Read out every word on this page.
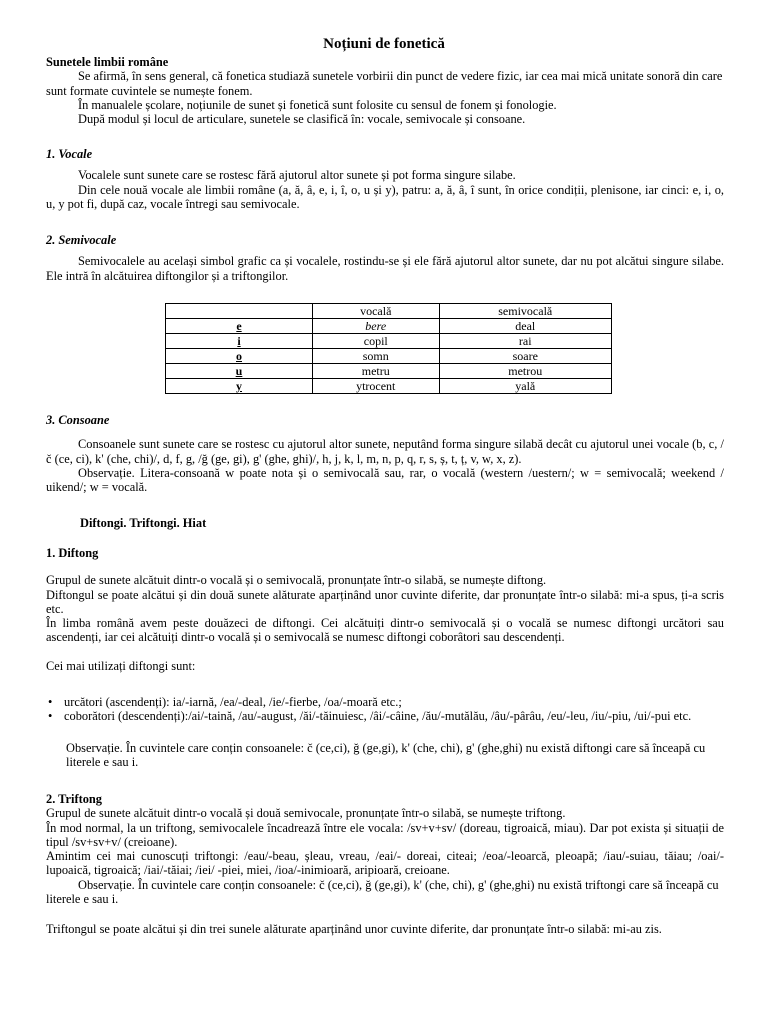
Noțiuni de fonetică
Sunetele limbii române

Se afirmă, în sens general, că fonetica studiază sunetele vorbirii din punct de vedere fizic, iar cea mai mică unitate sonoră din care sunt formate cuvintele se numește fonem.

În manualele școlare, noțiunile de sunet și fonetică sunt folosite cu sensul de fonem și fonologie.

După modul și locul de articulare, sunetele se clasifică în: vocale, semivocale și consoane.

1. Vocale

Vocalele sunt sunete care se rostesc fără ajutorul altor sunete și pot forma singure silabe.

Din cele nouă vocale ale limbii române (a, ă, â, e, i, î, o, u și y), patru: a, ă, â, î sunt, în orice condiții, plenisone, iar cinci: e, i, o, u, y pot fi, după caz, vocale întregi sau semivocale.

2. Semivocale

Semivocalele au același simbol grafic ca și vocalele, rostindu-se și ele fără ajutorul altor sunete, dar nu pot alcătui singure silabe. Ele intră în alcătuirea diftongilor și a triftongilor.

	vocală	semivocală
e	bere	deal
i	copil	rai
o	somn	soare
u	metru	metrou
y	ytrocent	yală
3. Consoane

Consoanele sunt sunete care se rostesc cu ajutorul altor sunete, neputând forma singure silabă decât cu ajutorul unei vocale (b, c, /č (ce, ci), k' (che, chi)/, d, f, g, /ğ (ge, gi), g' (ghe, ghi)/, h, j, k, l, m, n, p, q, r, s, ș, t, ț, v, w, x, z).

Observație. Litera-consoană w poate nota și o semivocală sau, rar, o vocală (western /uestern/; w = semivocală; weekend / uikend/; w = vocală.

Diftongi. Triftongi. Hiat
1. Diftong

Grupul de sunete alcătuit dintr-o vocală și o semivocală, pronunțate într-o silabă, se numește diftong.

Diftongul se poate alcătui și din două sunete alăturate aparținând unor cuvinte diferite, dar pronunțate într-o silabă: mi-a spus, ți-a scris etc.

În limba română avem peste douăzeci de diftongi. Cei alcătuiți dintr-o semivocală și o vocală se numesc diftongi urcători sau ascendenți, iar cei alcătuiți dintr-o vocală și o semivocală se numesc diftongi coborâtori sau descendenți.

Cei mai utilizați diftongi sunt:

• urcători (ascendenți): ia/-iarnă, /ea/-deal, /ie/-fierbe, /oa/-moară etc.;
• coborători (descendenți):/ai/-taină, /au/-august, /ăi/-tăinuiesc, /âi/-câine, /ău/-mutălău, /âu/-pârâu, /eu/-leu, /iu/-piu, /ui/-pui etc.

Observație. În cuvintele care conțin consoanele: č (ce,ci), ğ (ge,gi), k' (che, chi), g' (ghe,ghi) nu există diftongi care să înceapă cu literele e sau i.

2. Triftong

Grupul de sunete alcătuit dintr-o vocală și două semivocale, pronunțate într-o silabă, se numește triftong.

În mod normal, la un triftong, semivocalele încadrează între ele vocala: /sv+v+sv/ (doreau, tigroaică, miau). Dar pot exista și situații de tipul /sv+sv+v/ (creioane).

Amintim cei mai cunoscuți triftongi: /eau/-beau, șleau, vreau, /eai/- doreai, citeai; /eoa/-leoarcă, pleoapă; /iau/-suiau, tăiau; /oai/-lupoaică, tigroaică; /iai/-tăiai; /iei/ -piei, miei, /ioa/-inimioară, aripioară, creioane.

Observație. În cuvintele care conțin consoanele: č (ce,ci), ğ (ge,gi), k' (che, chi), g' (ghe,ghi) nu există triftongi care să înceapă cu literele e sau i.

Triftongul se poate alcătui și din trei sunele alăturate aparținând unor cuvinte diferite, dar pronunțate într-o silabă: mi-au zis.
